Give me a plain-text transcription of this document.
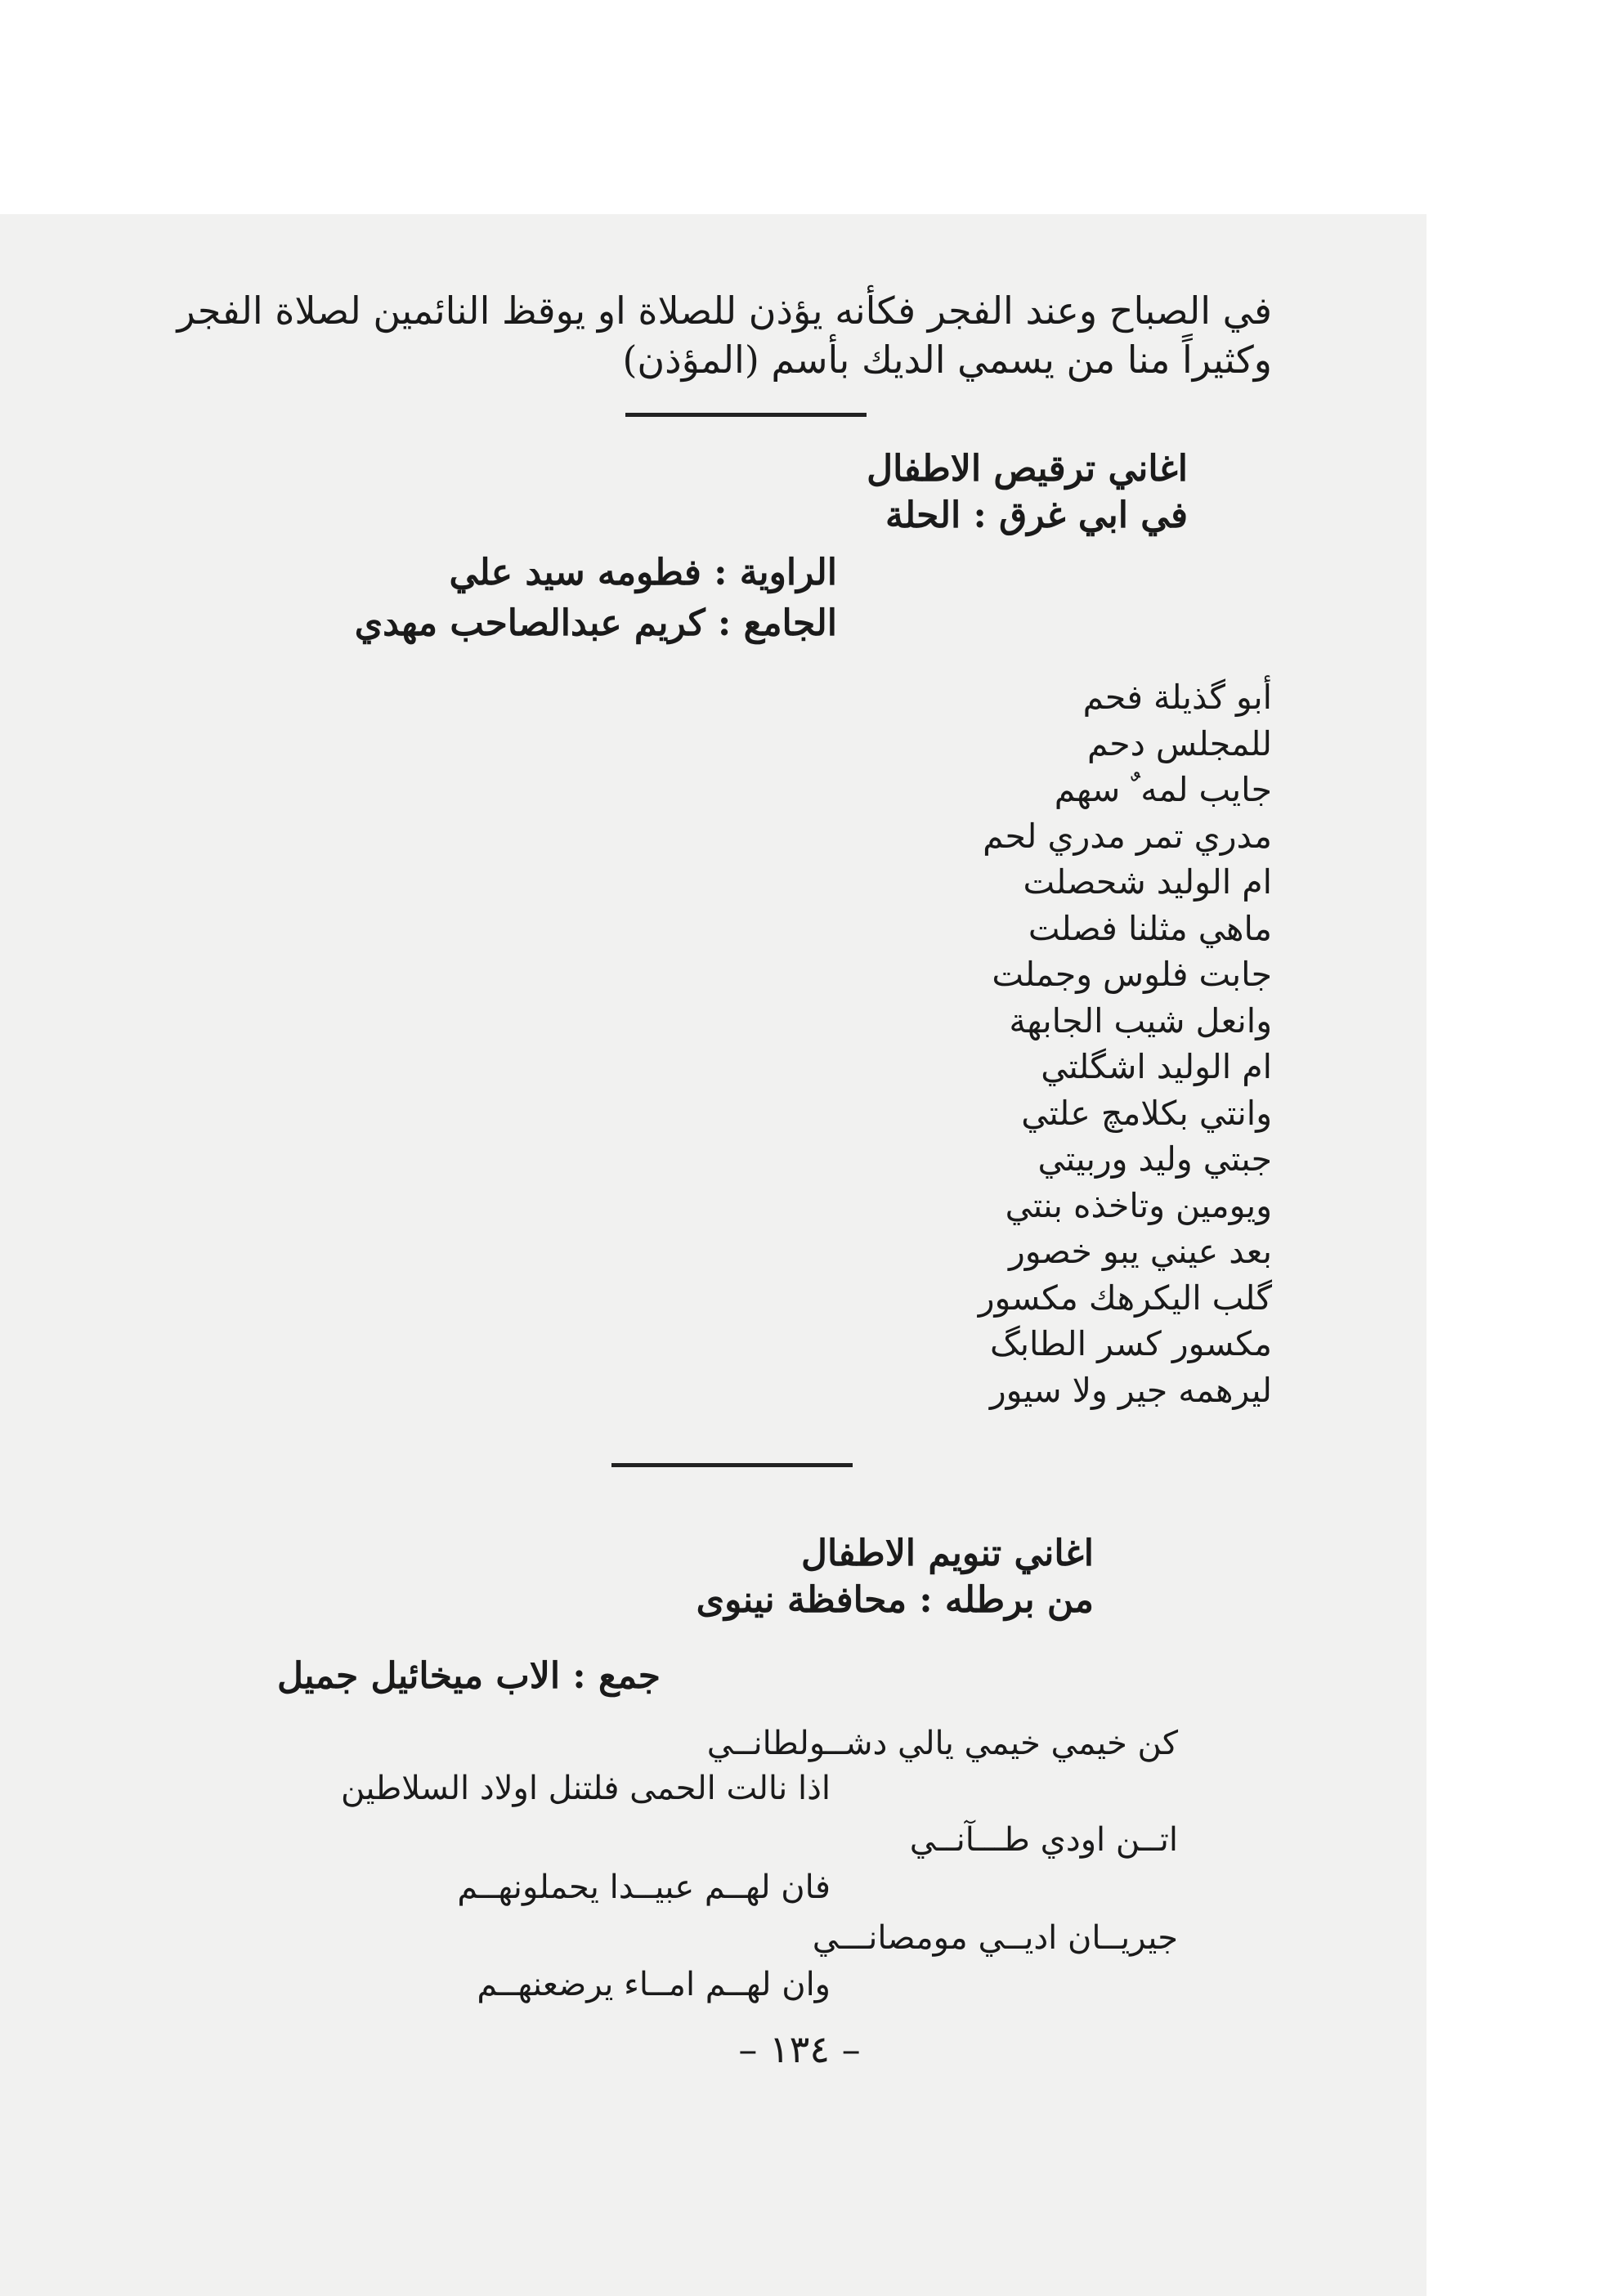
في الصباح وعند الفجر فكأنه يؤذن للصلاة او يوقظ النائمين لصلاة الفجر
وكثيراً منا من يسمي الديك بأسم (المؤذن)
اغاني ترقيص الاطفال
في ابي غرق : الحلة
الراوية : فطومه سيد علي
الجامع : كريم عبدالصاحب مهدي
أبو گذيلة فحم
للمجلس دحم
جايب لمه ٌ سهم
مدري تمر مدري لحم
ام الوليد شحصلت
ماهي مثلنا فصلت
جابت فلوس وجملت
وانعل شيب الجابهة
ام الوليد اشگلتي
وانتي بكلامچ علتي
جبتي وليد وربيتي
ويومين وتاخذه بنتي
بعد عيني يبو خصور
گلب اليكرهك مكسور
مكسور كسر الطابگ
ليرهمه جير ولا سيور
اغاني تنويم الاطفال
من برطله : محافظة نينوى
جمع : الاب ميخائيل جميل
كن خيمي خيمي يالي دشــولطانــي
اذا نالت الحمى فلتنل اولاد السلاطين
اتــن اودي طـــآنــي
فان لهــم عبيــدا يحملونهــم
جيريــان اديــي مومصانـــي
وان لهــم امــاء يرضعنهــم
– ١٣٤ –
